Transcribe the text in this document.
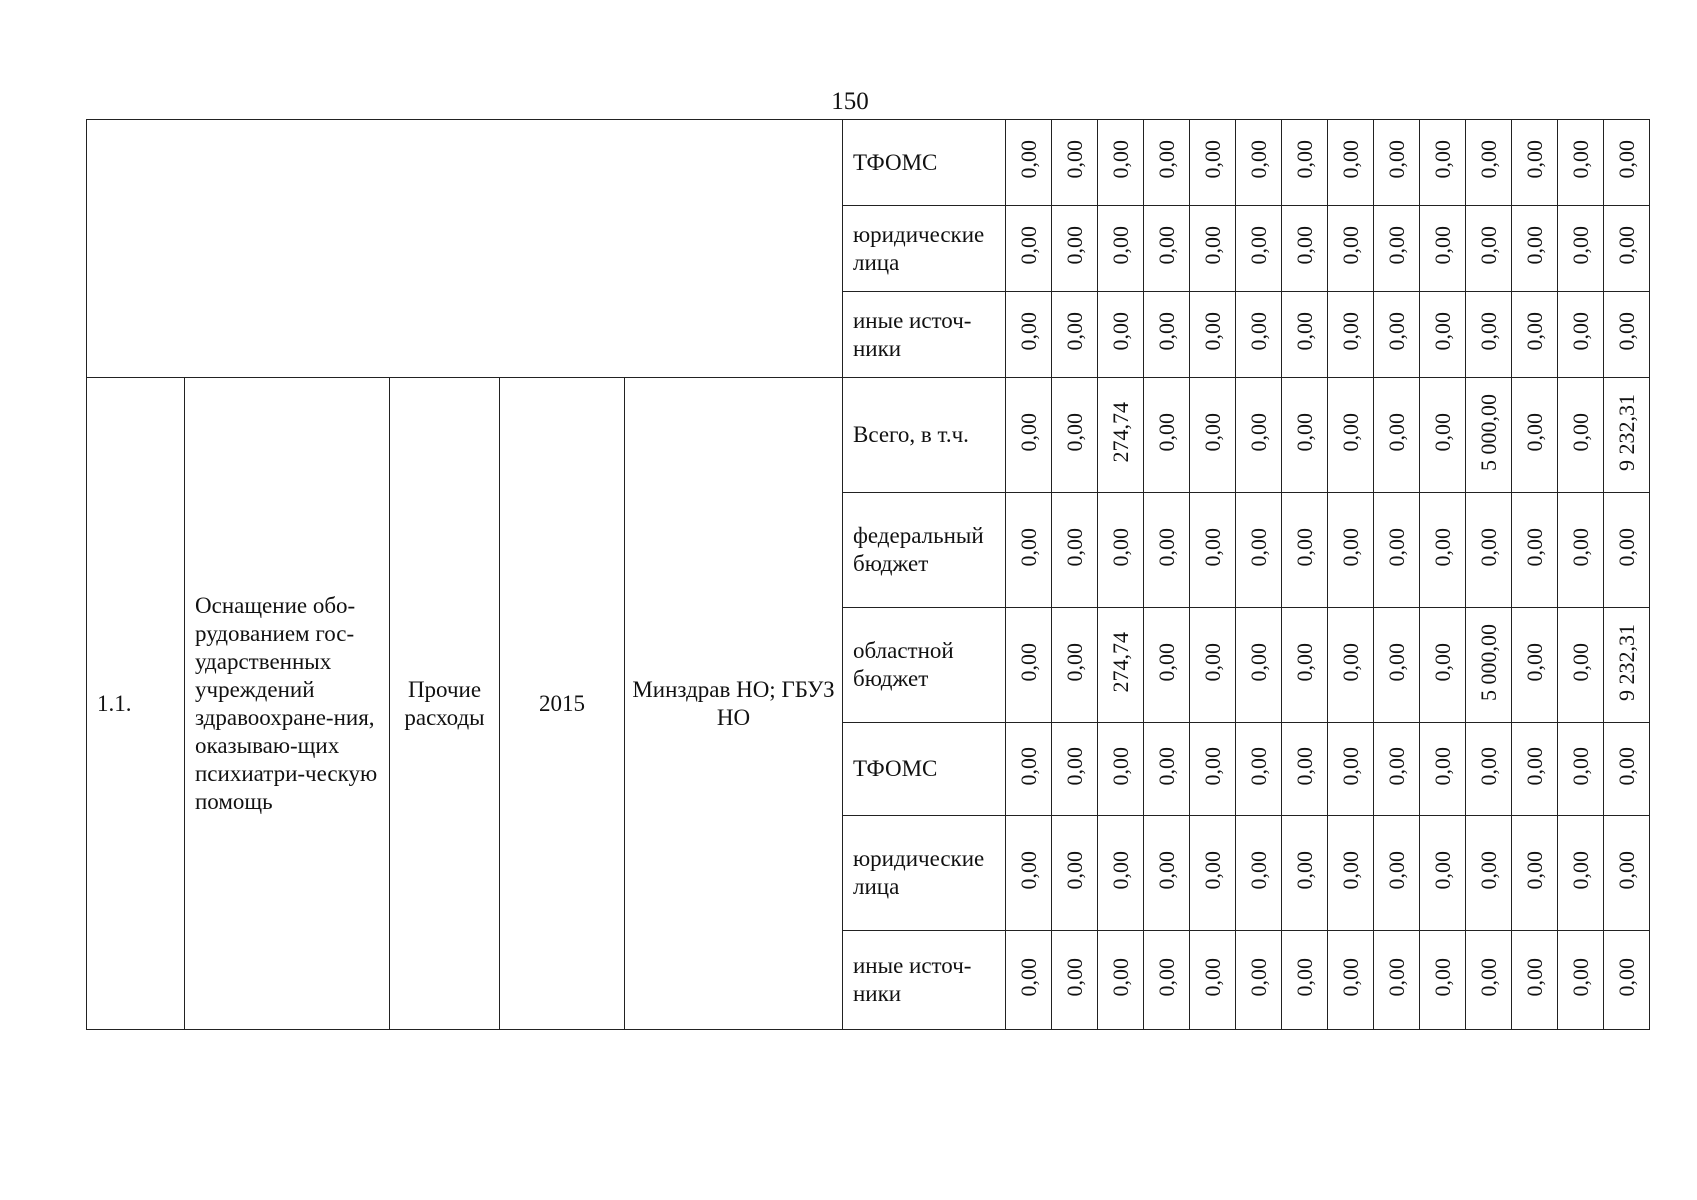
150
					ТФОМС	0,00	0,00	0,00	0,00	0,00	0,00	0,00	0,00	0,00	0,00	0,00	0,00	0,00	0,00
					юридические лица	0,00	0,00	0,00	0,00	0,00	0,00	0,00	0,00	0,00	0,00	0,00	0,00	0,00	0,00
					иные источ-ники	0,00	0,00	0,00	0,00	0,00	0,00	0,00	0,00	0,00	0,00	0,00	0,00	0,00	0,00
1.1.	Оснащение обо-рудованием гос-ударственных учреждений здравоохране-ния, оказываю-щих психиатри-ческую помощь	Прочие расходы	2015	Минздрав НО; ГБУЗ НО	Всего, в т.ч.	0,00	0,00	274,74	0,00	0,00	0,00	0,00	0,00	0,00	0,00	5 000,00	0,00	0,00	9 232,31
					федеральный бюджет	0,00	0,00	0,00	0,00	0,00	0,00	0,00	0,00	0,00	0,00	0,00	0,00	0,00	0,00
					областной бюджет	0,00	0,00	274,74	0,00	0,00	0,00	0,00	0,00	0,00	0,00	5 000,00	0,00	0,00	9 232,31
					ТФОМС	0,00	0,00	0,00	0,00	0,00	0,00	0,00	0,00	0,00	0,00	0,00	0,00	0,00	0,00
					юридические лица	0,00	0,00	0,00	0,00	0,00	0,00	0,00	0,00	0,00	0,00	0,00	0,00	0,00	0,00
					иные источ-ники	0,00	0,00	0,00	0,00	0,00	0,00	0,00	0,00	0,00	0,00	0,00	0,00	0,00	0,00
